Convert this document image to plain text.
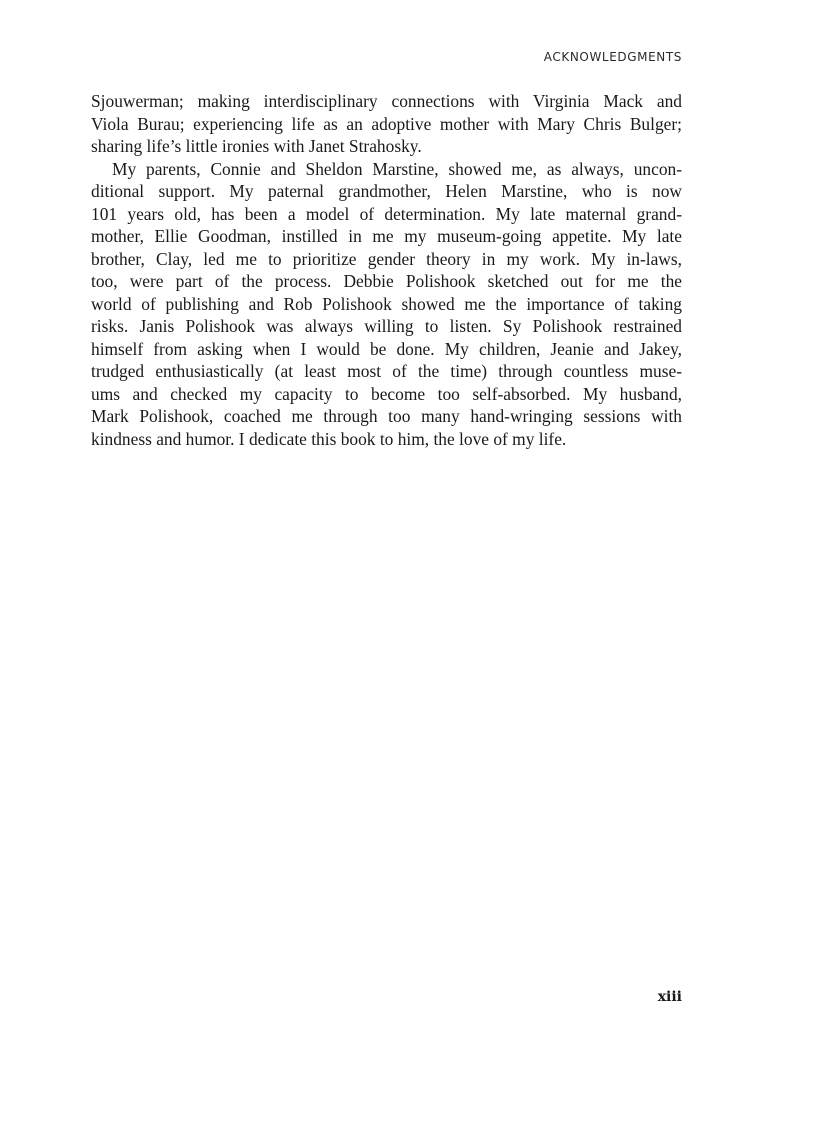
ACKNOWLEDGMENTS
Sjouwerman; making interdisciplinary connections with Virginia Mack and
Viola Burau; experiencing life as an adoptive mother with Mary Chris Bulger;
sharing life’s little ironies with Janet Strahosky.
My parents, Connie and Sheldon Marstine, showed me, as always, uncon-
ditional support. My paternal grandmother, Helen Marstine, who is now
101 years old, has been a model of determination. My late maternal grand-
mother, Ellie Goodman, instilled in me my museum-going appetite. My late
brother, Clay, led me to prioritize gender theory in my work. My in-laws,
too, were part of the process. Debbie Polishook sketched out for me the
world of publishing and Rob Polishook showed me the importance of taking
risks. Janis Polishook was always willing to listen. Sy Polishook restrained
himself from asking when I would be done. My children, Jeanie and Jakey,
trudged enthusiastically (at least most of the time) through countless muse-
ums and checked my capacity to become too self-absorbed. My husband,
Mark Polishook, coached me through too many hand-wringing sessions with
kindness and humor. I dedicate this book to him, the love of my life.
xiii
